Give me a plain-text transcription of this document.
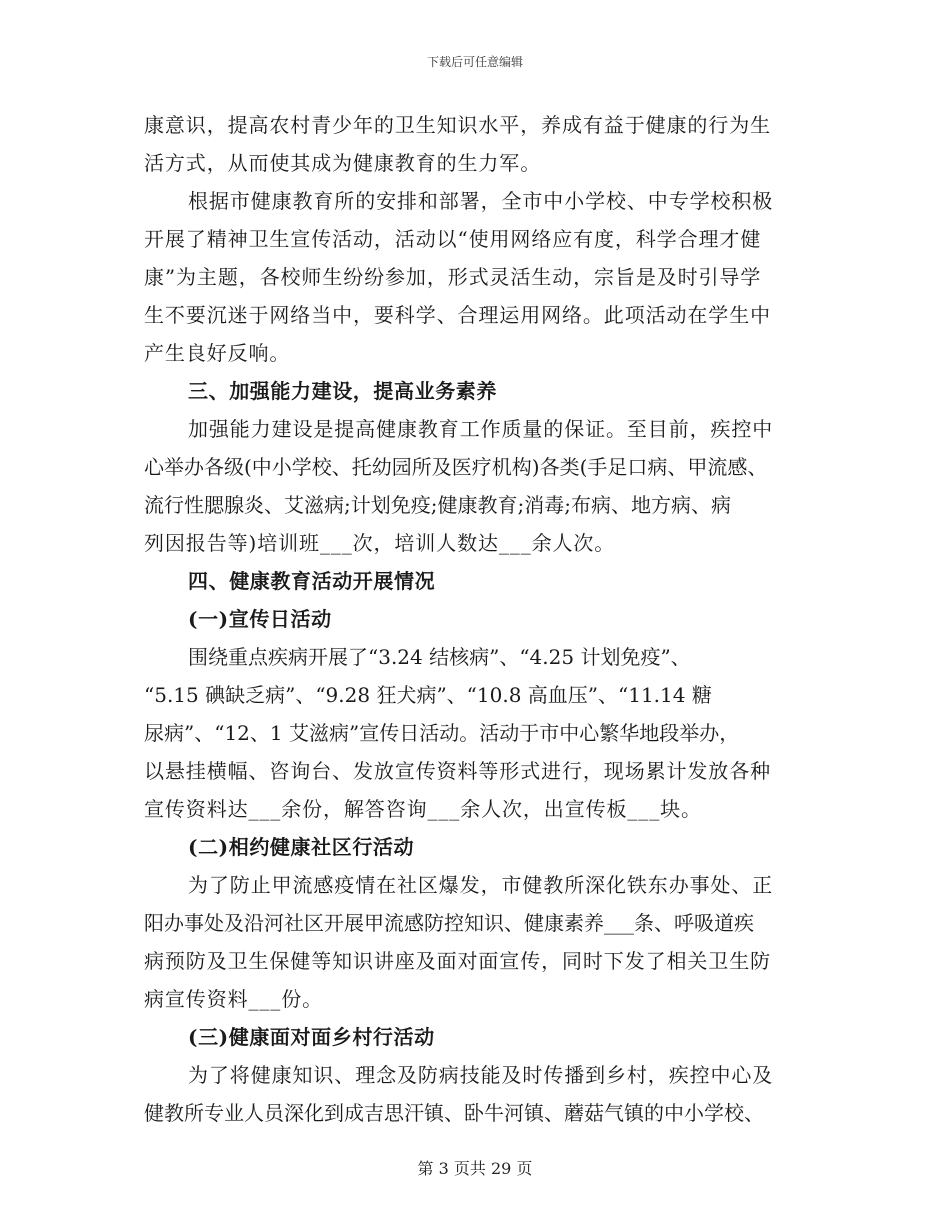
下载后可任意编辑
康意识，提高农村青少年的卫生知识水平，养成有益于健康的行为生
活方式，从而使其成为健康教育的生力军。
根据市健康教育所的安排和部署，全市中小学校、中专学校积极
开展了精神卫生宣传活动，活动以“使用网络应有度，科学合理才健
康”为主题，各校师生纷纷参加，形式灵活生动，宗旨是及时引导学
生不要沉迷于网络当中，要科学、合理运用网络。此项活动在学生中
产生良好反响。
三、加强能力建设，提高业务素养
加强能力建设是提高健康教育工作质量的保证。至目前，疾控中
心举办各级(中小学校、托幼园所及医疗机构)各类(手足口病、甲流感、
流行性腮腺炎、艾滋病;计划免疫;健康教育;消毒;布病、地方病、病
列因报告等)培训班___次，培训人数达___余人次。
四、健康教育活动开展情况
(一)宣传日活动
围绕重点疾病开展了“3.24 结核病”、“4.25 计划免疫”、
“5.15 碘缺乏病”、“9.28 狂犬病”、“10.8 高血压”、“11.14 糖
尿病”、“12、1 艾滋病”宣传日活动。活动于市中心繁华地段举办，
以悬挂横幅、咨询台、发放宣传资料等形式进行，现场累计发放各种
宣传资料达___余份，解答咨询___余人次，出宣传板___块。
(二)相约健康社区行活动
为了防止甲流感疫情在社区爆发，市健教所深化铁东办事处、正
阳办事处及沿河社区开展甲流感防控知识、健康素养___条、呼吸道疾
病预防及卫生保健等知识讲座及面对面宣传，同时下发了相关卫生防
病宣传资料___份。
(三)健康面对面乡村行活动
为了将健康知识、理念及防病技能及时传播到乡村，疾控中心及
健教所专业人员深化到成吉思汗镇、卧牛河镇、蘑菇气镇的中小学校、
第 3 页共 29 页
